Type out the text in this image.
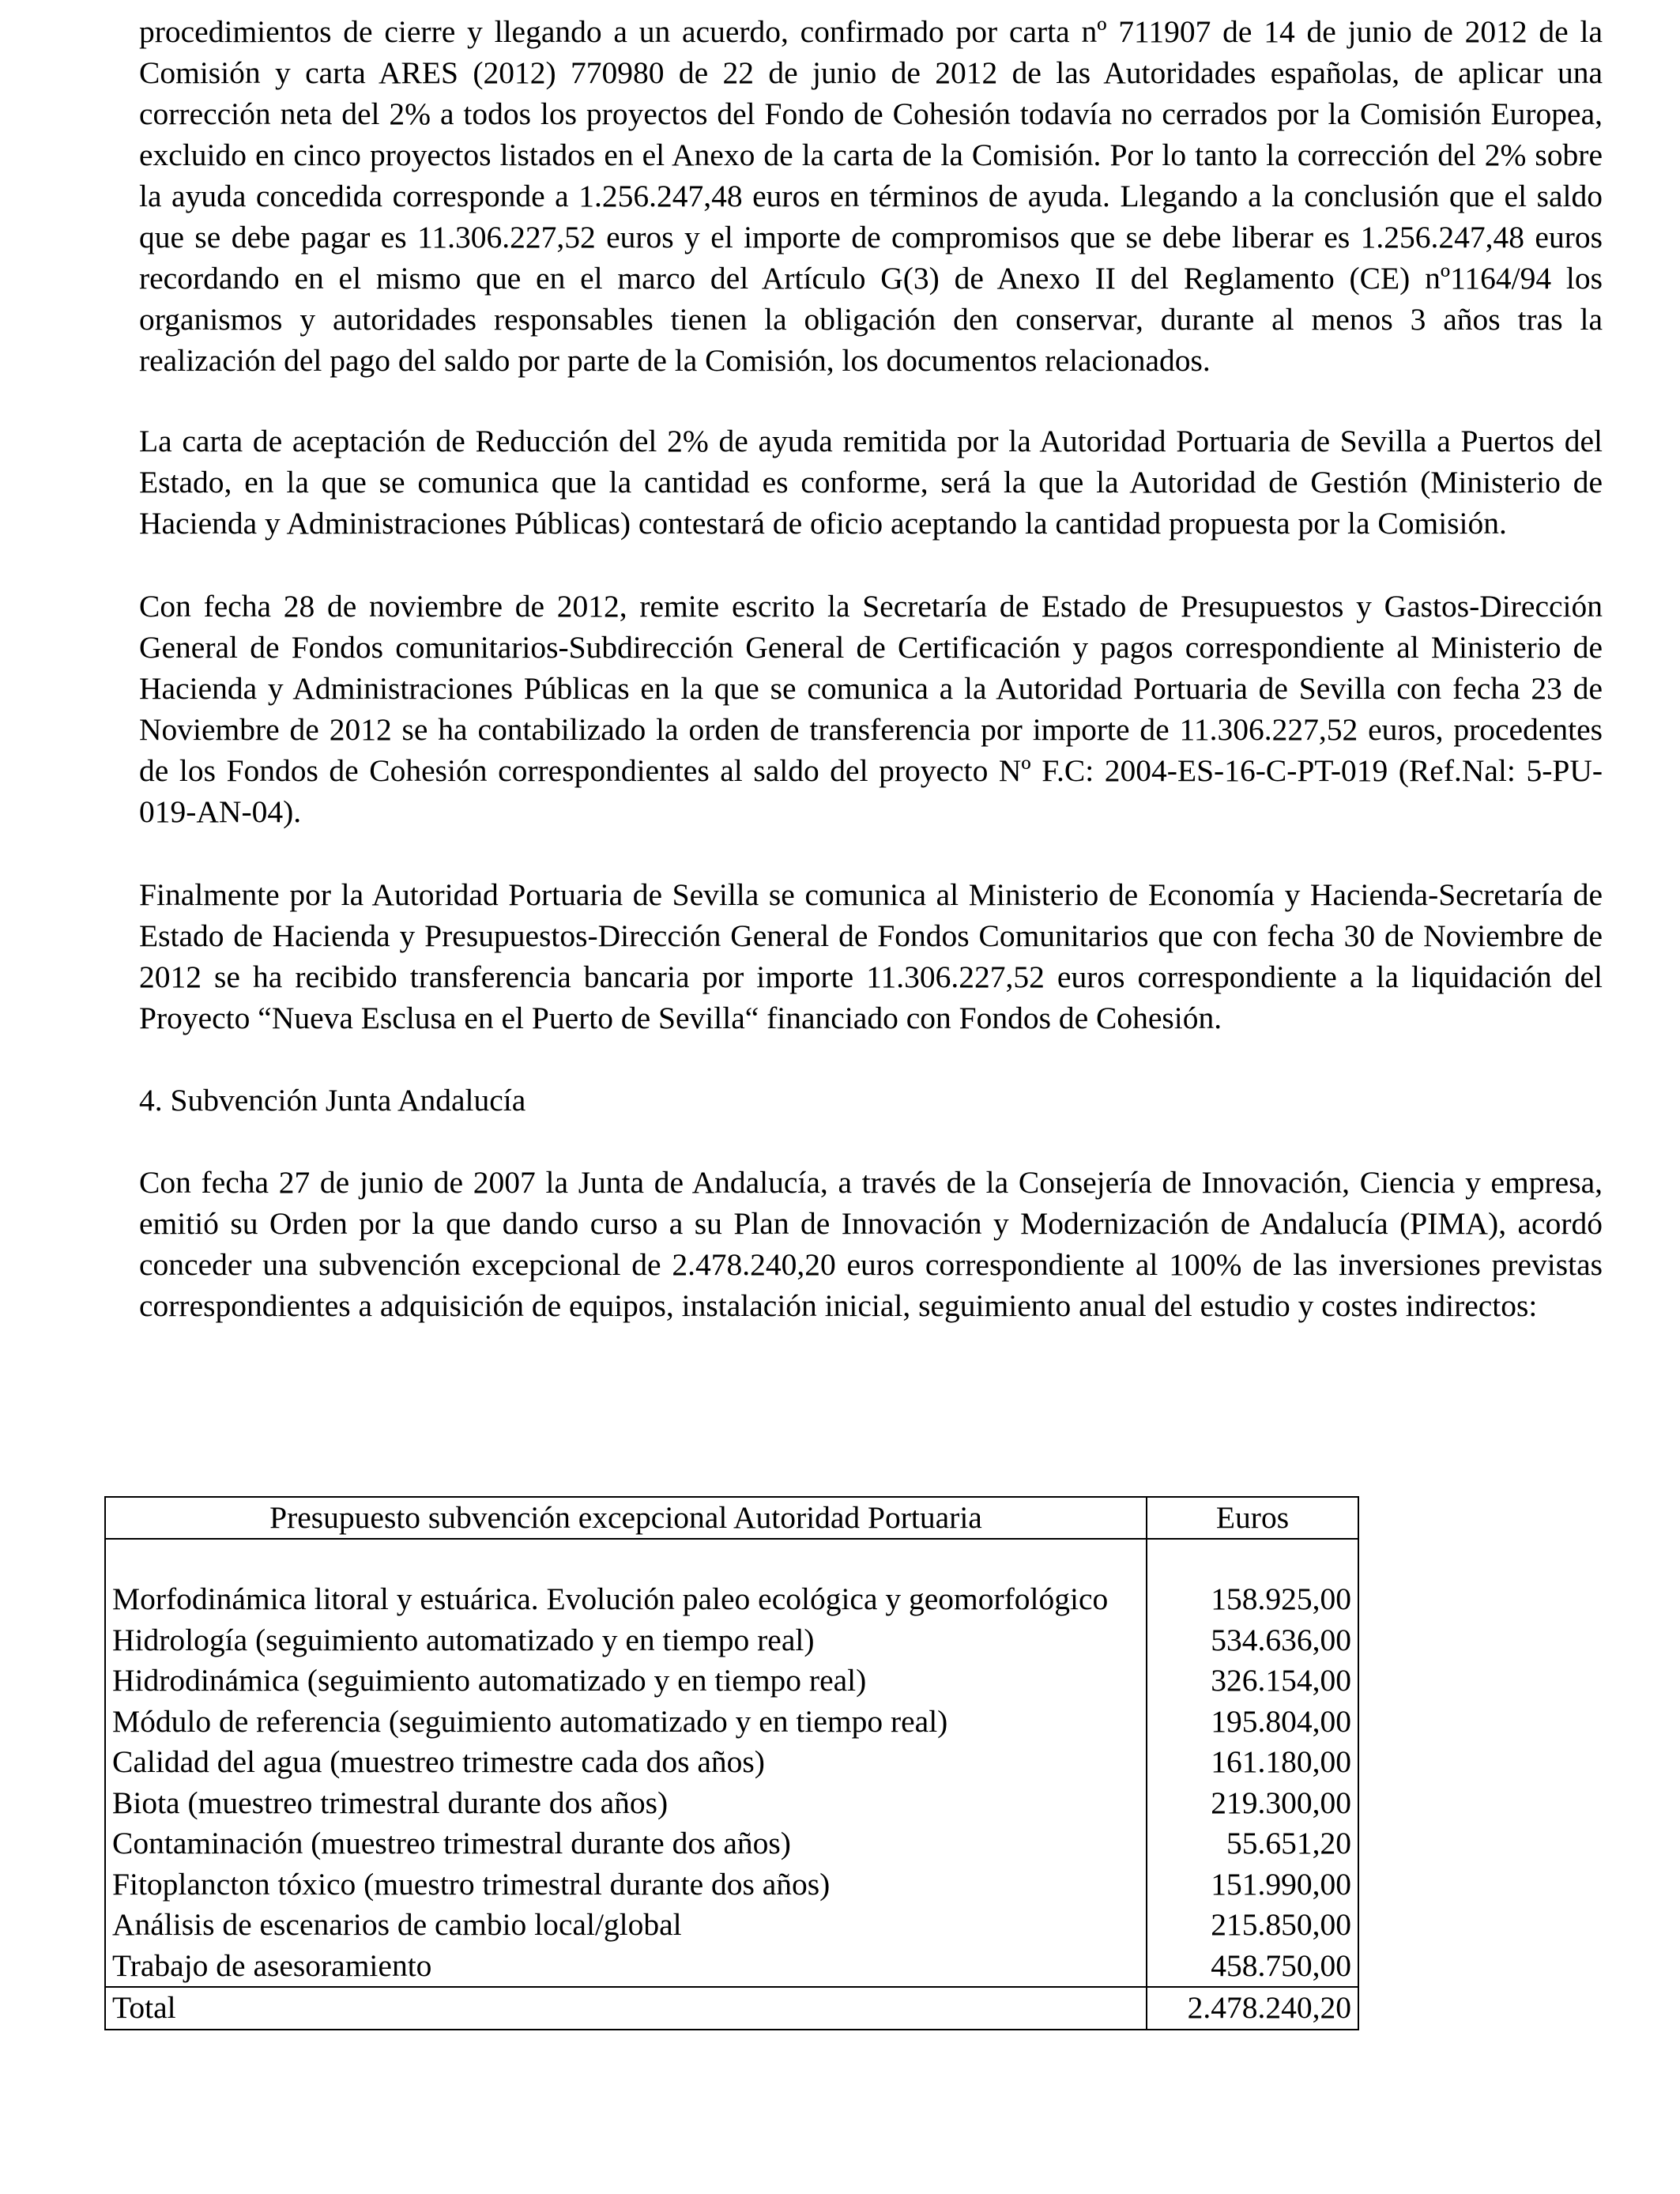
procedimientos de cierre y llegando a un acuerdo, confirmado por carta nº 711907 de 14 de junio de 2012 de la Comisión y carta ARES (2012) 770980 de 22 de junio de 2012 de las Autoridades españolas, de aplicar una corrección neta del 2% a todos los proyectos del Fondo de Cohesión todavía no cerrados por la Comisión Europea, excluido en cinco proyectos listados en el Anexo de la carta de la Comisión. Por lo tanto la corrección del 2% sobre la ayuda concedida corresponde a 1.256.247,48 euros en términos de ayuda. Llegando a la conclusión que el saldo que se debe pagar es 11.306.227,52 euros y el importe de compromisos que se debe liberar es 1.256.247,48 euros recordando en el mismo que en el marco del Artículo G(3) de Anexo II del Reglamento (CE) nº1164/94 los organismos y autoridades responsables tienen la obligación den conservar, durante al menos 3 años tras la realización del pago del saldo por parte de la Comisión, los documentos relacionados.

La carta de aceptación de Reducción del 2% de ayuda remitida por la Autoridad Portuaria de Sevilla a Puertos del Estado, en la que se comunica que la cantidad es conforme, será la que la Autoridad de Gestión (Ministerio de Hacienda y Administraciones Públicas) contestará de oficio aceptando la cantidad propuesta por la Comisión.

Con fecha 28 de noviembre de 2012, remite escrito la Secretaría de Estado de Presupuestos y Gastos-Dirección General de Fondos comunitarios-Subdirección General de Certificación y pagos correspondiente al Ministerio de Hacienda y Administraciones Públicas en la que se comunica a la Autoridad Portuaria de Sevilla con fecha 23 de Noviembre de 2012 se ha contabilizado la orden de transferencia por importe de 11.306.227,52 euros, procedentes de los Fondos de Cohesión correspondientes al saldo del proyecto Nº F.C: 2004-ES-16-C-PT-019 (Ref.Nal: 5-PU-019-AN-04).

Finalmente por la Autoridad Portuaria de Sevilla se comunica al Ministerio de Economía y Hacienda-Secretaría de Estado de Hacienda y Presupuestos-Dirección General de Fondos Comunitarios que con fecha 30 de Noviembre de 2012 se ha recibido transferencia bancaria por importe 11.306.227,52 euros correspondiente a la liquidación del Proyecto “Nueva Esclusa en el Puerto de Sevilla“ financiado con Fondos de Cohesión.

4. Subvención Junta Andalucía

Con fecha 27 de junio de 2007 la Junta de Andalucía, a través de la Consejería de Innovación, Ciencia y empresa, emitió su Orden por la que dando curso a su Plan de Innovación y Modernización de Andalucía (PIMA), acordó conceder una subvención excepcional de 2.478.240,20 euros correspondiente al 100% de las inversiones previstas correspondientes a adquisición de equipos, instalación inicial, seguimiento anual del estudio y costes indirectos:

Presupuesto subvención excepcional Autoridad Portuaria	Euros

Morfodinámica litoral y estuárica. Evolución paleo ecológica y geomorfológico	158.925,00
Hidrología (seguimiento automatizado y en tiempo real)	534.636,00
Hidrodinámica (seguimiento automatizado y en tiempo real)	326.154,00
Módulo de referencia (seguimiento automatizado y en tiempo real)	195.804,00
Calidad del agua (muestreo trimestre cada dos años)	161.180,00
Biota (muestreo trimestral durante dos años)	219.300,00
Contaminación (muestreo trimestral durante dos años)	55.651,20
Fitoplancton tóxico (muestro trimestral durante dos años)	151.990,00
Análisis de escenarios de cambio local/global	215.850,00
Trabajo de asesoramiento	458.750,00
Total	2.478.240,20
